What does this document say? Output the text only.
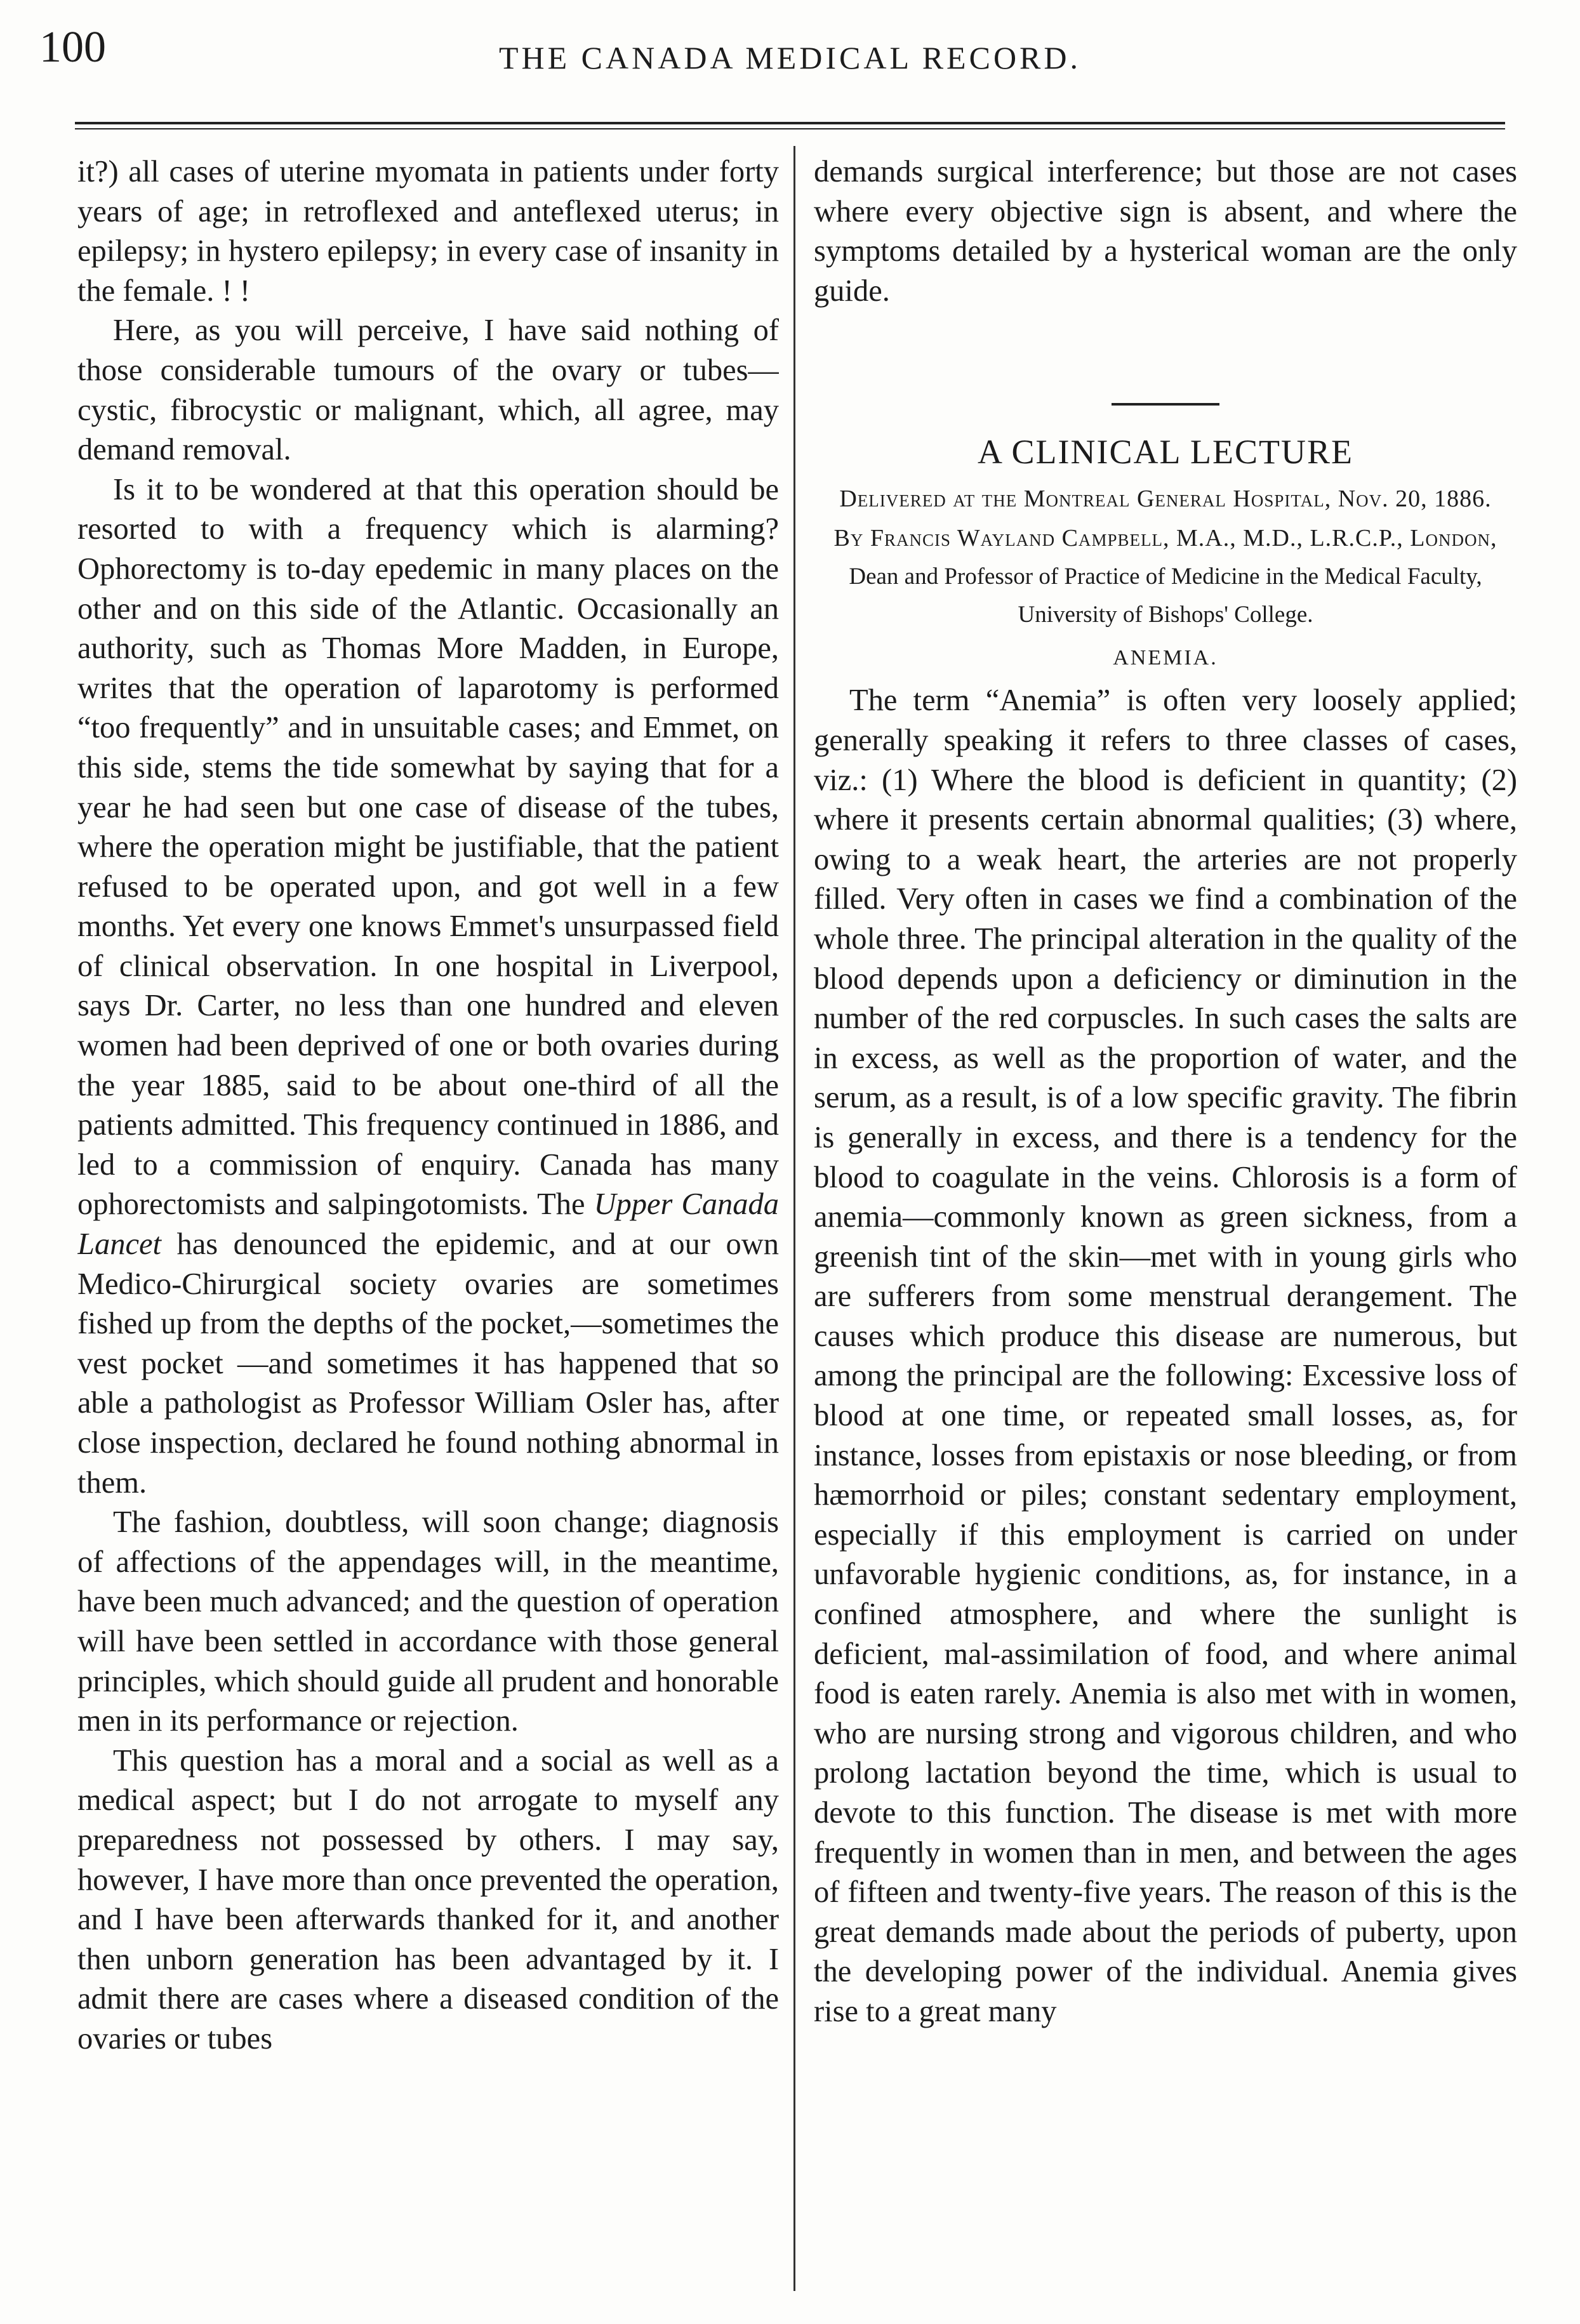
100	THE CANADA MEDICAL RECORD.

it?) all cases of uterine myomata in patients under forty years of age; in retroflexed and anteflexed uterus; in epilepsy; in hystero epilepsy; in every case of insanity in the female. ! !

Here, as you will perceive, I have said nothing of those considerable tumours of the ovary or tubes—cystic, fibrocystic or malignant, which, all agree, may demand removal.

Is it to be wondered at that this operation should be resorted to with a frequency which is alarming? Ophorectomy is to-day epedemic in many places on the other and on this side of the Atlantic. Occasionally an authority, such as Thomas More Madden, in Europe, writes that the operation of laparotomy is performed “too frequently” and in unsuitable cases; and Emmet, on this side, stems the tide somewhat by saying that for a year he had seen but one case of disease of the tubes, where the operation might be justifiable, that the patient refused to be operated upon, and got well in a few months. Yet every one knows Emmet's unsurpassed field of clinical observation. In one hospital in Liverpool, says Dr. Carter, no less than one hundred and eleven women had been deprived of one or both ovaries during the year 1885, said to be about one-third of all the patients admitted. This frequency continued in 1886, and led to a commission of enquiry. Canada has many ophorectomists and salpingotomists. The Upper Canada Lancet has denounced the epidemic, and at our own Medico-Chirurgical society ovaries are sometimes fished up from the depths of the pocket,—sometimes the vest pocket —and sometimes it has happened that so able a pathologist as Professor William Osler has, after close inspection, declared he found nothing abnormal in them.

The fashion, doubtless, will soon change; diagnosis of affections of the appendages will, in the meantime, have been much advanced; and the question of operation will have been settled in accordance with those general principles, which should guide all prudent and honorable men in its performance or rejection.

This question has a moral and a social as well as a medical aspect; but I do not arrogate to myself any preparedness not possessed by others. I may say, however, I have more than once prevented the operation, and I have been afterwards thanked for it, and another then unborn generation has been advantaged by it. I admit there are cases where a diseased condition of the ovaries or tubes

demands surgical interference; but those are not cases where every objective sign is absent, and where the symptoms detailed by a hysterical woman are the only guide.

A CLINICAL LECTURE
Delivered at the Montreal General Hospital, Nov. 20, 1886.
By Francis Wayland Campbell, M.A., M.D., L.R.C.P., London,
Dean and Professor of Practice of Medicine in the Medical Faculty, University of Bishops' College.
ANEMIA.

The term “Anemia” is often very loosely applied; generally speaking it refers to three classes of cases, viz.: (1) Where the blood is deficient in quantity; (2) where it presents certain abnormal qualities; (3) where, owing to a weak heart, the arteries are not properly filled. Very often in cases we find a combination of the whole three. The principal alteration in the quality of the blood depends upon a deficiency or diminution in the number of the red corpuscles. In such cases the salts are in excess, as well as the proportion of water, and the serum, as a result, is of a low specific gravity. The fibrin is generally in excess, and there is a tendency for the blood to coagulate in the veins. Chlorosis is a form of anemia—commonly known as green sickness, from a greenish tint of the skin—met with in young girls who are sufferers from some menstrual derangement. The causes which produce this disease are numerous, but among the principal are the following: Excessive loss of blood at one time, or repeated small losses, as, for instance, losses from epistaxis or nose bleeding, or from hæmorrhoid or piles; constant sedentary employment, especially if this employment is carried on under unfavorable hygienic conditions, as, for instance, in a confined atmosphere, and where the sunlight is deficient, mal-assimilation of food, and where animal food is eaten rarely. Anemia is also met with in women, who are nursing strong and vigorous children, and who prolong lactation beyond the time, which is usual to devote to this function. The disease is met with more frequently in women than in men, and between the ages of fifteen and twenty-five years. The reason of this is the great demands made about the periods of puberty, upon the developing power of the individual. Anemia gives rise to a great many
